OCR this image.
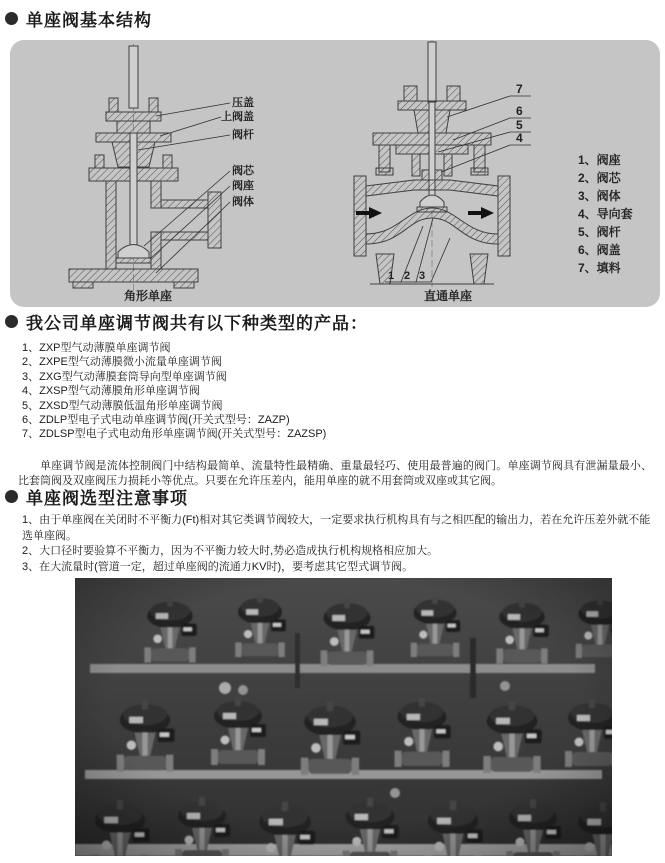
单座阀基本结构
7
6
5
4
1 2 3
压盖
上阀盖
阀杆
阀芯
阀座
阀体
角形单座	直通单座
1、阀座
2、阀芯
3、阀体
4、导向套
5、阀杆
6、阀盖
7、填料
我公司单座调节阀共有以下种类型的产品：
1、ZXP型气动薄膜单座调节阀
2、ZXPE型气动薄膜微小流量单座调节阀
3、ZXG型气动薄膜套筒导向型单座调节阀
4、ZXSP型气动薄膜角形单座调节阀
5、ZXSD型气动薄膜低温角形单座调节阀
6、ZDLP型电子式电动单座调节阀(开关式型号：ZAZP)
7、ZDLSP型电子式电动角形单座调节阀(开关式型号：ZAZSP)

单座调节阀是流体控制阀门中结构最简单、流量特性最精确、重量最轻巧、使用最普遍的阀门。单座调节阀具有泄漏量最小、比套筒阀及双座阀压力损耗小等优点。只要在允许压差内，能用单座的就不用套筒或双座或其它阀。

单座阀选型注意事项
1、由于单座阀在关闭时不平衡力(Ft)相对其它类调节阀较大，一定要求执行机构具有与之相匹配的输出力，若在允许压差外就不能选单座阀。
2、大口径时要验算不平衡力，因为不平衡力较大时,势必造成执行机构规格相应加大。
3、在大流量时(管道一定，超过单座阀的流通力KV时)，要考虑其它型式调节阀。
